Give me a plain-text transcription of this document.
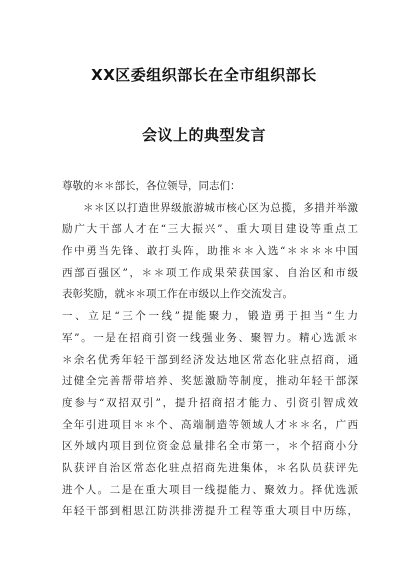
XX区委组织部长在全市组织部长
会议上的典型发言
尊敬的＊＊部长，各位领导，同志们：
＊＊区以打造世界级旅游城市核心区为总揽，多措并举激
励广大干部人才在“三大振兴”、重大项目建设等重点工
作中勇当先锋、敢打头阵，助推＊＊入选“＊＊＊＊中国
西部百强区”，＊＊项工作成果荣获国家、自治区和市级
表彰奖励，就＊＊项工作在市级以上作交流发言。
一、立足“三个一线”提能聚力，锻造勇于担当“生力
军”。一是在招商引资一线强业务、聚智力。精心选派＊
＊余名优秀年轻干部到经济发达地区常态化驻点招商，通
过健全完善帮带培养、奖惩激励等制度，推动年轻干部深
度参与“双招双引”，提升招商招才能力、引资引智成效
全年引进项目＊＊个、高端制造等领域人才＊＊名，广西
区外域内项目到位资金总量排名全市第一，＊个招商小分
队获评自治区常态化驻点招商先进集体，＊名队员获评先
进个人。二是在重大项目一线提能力、聚效力。择优选派
年轻干部到相思江防洪排涝提升工程等重大项目中历练，
